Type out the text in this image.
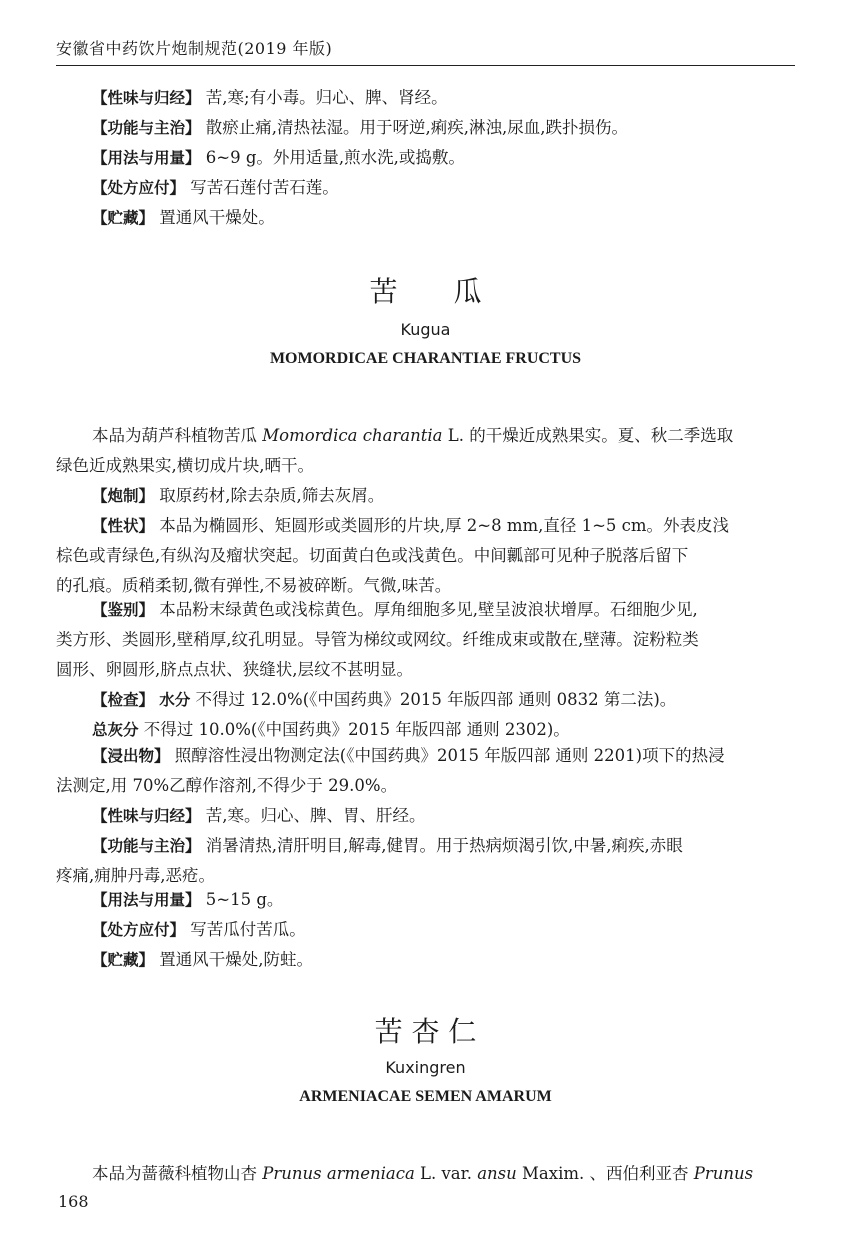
安徽省中药饮片炮制规范(2019 年版)
【性味与归经】 苦,寒;有小毒。归心、脾、肾经。
【功能与主治】 散瘀止痛,清热祛湿。用于呀逆,痢疾,淋浊,尿血,跌扑损伤。
【用法与用量】 6~9 g。外用适量,煎水洗,或捣敷。
【处方应付】 写苦石莲付苦石莲。
【贮藏】 置通风干燥处。
苦　　瓜
Kugua
MOMORDICAE CHARANTIAE FRUCTUS
本品为葫芦科植物苦瓜 Momordica charantia L. 的干燥近成熟果实。夏、秋二季选取
绿色近成熟果实,横切成片块,晒干。
【炮制】 取原药材,除去杂质,筛去灰屑。
【性状】 本品为椭圆形、矩圆形或类圆形的片块,厚 2~8 mm,直径 1~5 cm。外表皮浅
棕色或青绿色,有纵沟及瘤状突起。切面黄白色或浅黄色。中间瓤部可见种子脱落后留下
的孔痕。质稍柔韧,微有弹性,不易被碎断。气微,味苦。
【鉴别】 本品粉末绿黄色或浅棕黄色。厚角细胞多见,壁呈波浪状增厚。石细胞少见,
类方形、类圆形,壁稍厚,纹孔明显。导管为梯纹或网纹。纤维成束或散在,壁薄。淀粉粒类
圆形、卵圆形,脐点点状、狭缝状,层纹不甚明显。
【检查】 水分 不得过 12.0%(《中国药典》2015 年版四部 通则 0832 第二法)。
总灰分 不得过 10.0%(《中国药典》2015 年版四部 通则 2302)。
【浸出物】 照醇溶性浸出物测定法(《中国药典》2015 年版四部 通则 2201)项下的热浸
法测定,用 70%乙醇作溶剂,不得少于 29.0%。
【性味与归经】 苦,寒。归心、脾、胃、肝经。
【功能与主治】 消暑清热,清肝明目,解毒,健胃。用于热病烦渴引饮,中暑,痢疾,赤眼
疼痛,痈肿丹毒,恶疮。
【用法与用量】 5~15 g。
【处方应付】 写苦瓜付苦瓜。
【贮藏】 置通风干燥处,防蛀。
苦 杏 仁
Kuxingren
ARMENIACAE SEMEN AMARUM
本品为蔷薇科植物山杏 Prunus armeniaca L. var. ansu Maxim. 、西伯利亚杏 Prunus
168
